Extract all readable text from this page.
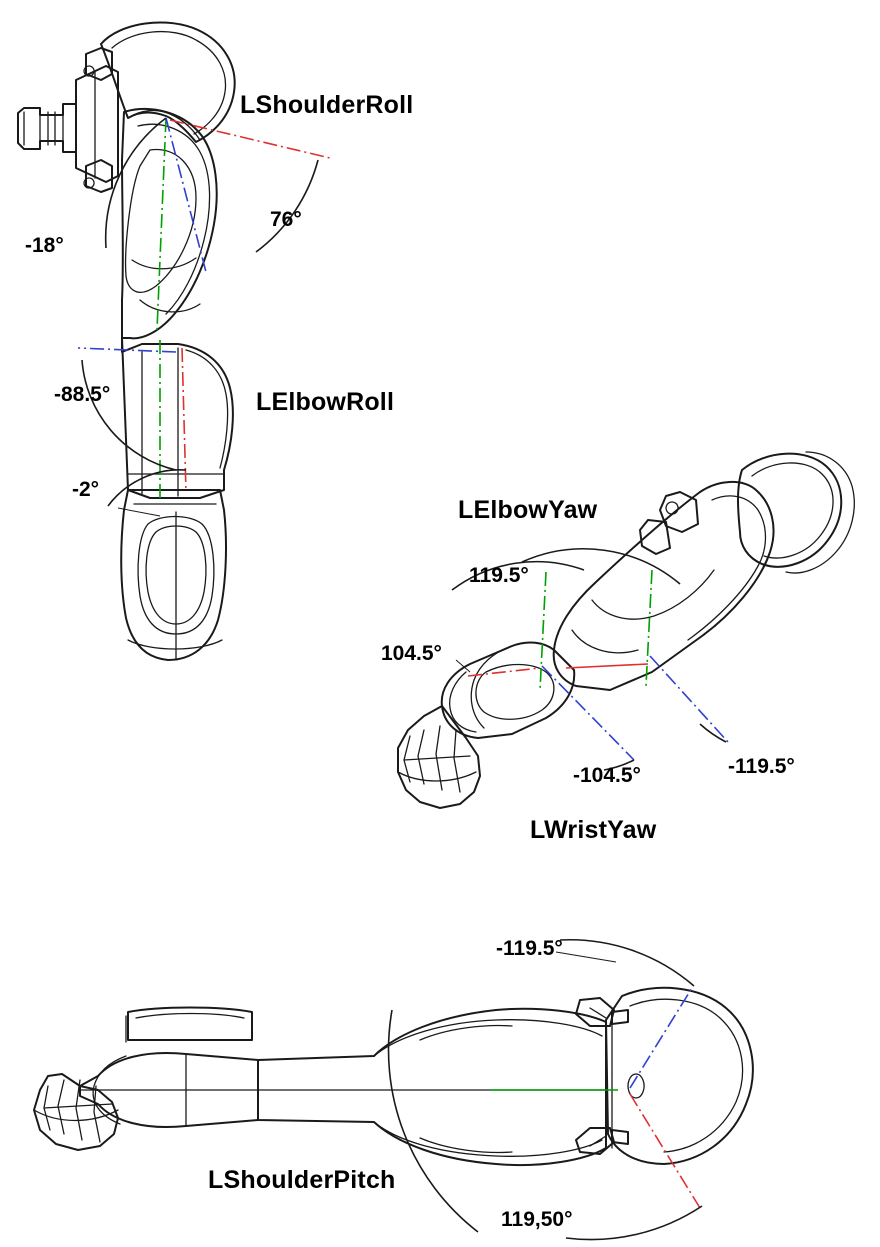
LShoulderRoll
76°
-18°
-88.5°	LElbowRoll
-2°
LElbowYaw
119.5°
104.5°
-119.5°
-104.5°
LWristYaw
-119.5°
LShoulderPitch
119,50°
